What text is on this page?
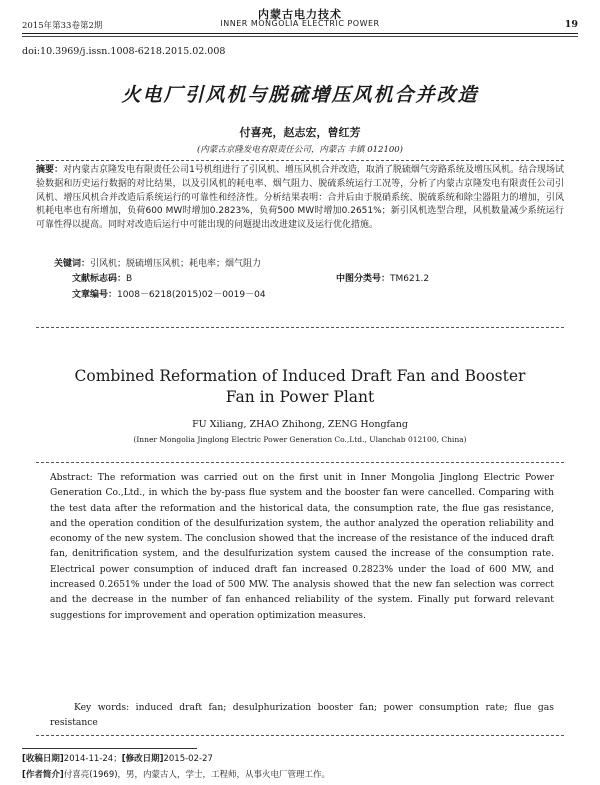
内蒙古电力技术
2015年第33卷第2期	INNER MONGOLIA ELECTRIC POWER	19
doi:10.3969/j.issn.1008-6218.2015.02.008
火电厂引风机与脱硫增压风机合并改造
付喜亮，赵志宏，曾红芳
(内蒙古京隆发电有限责任公司，内蒙古 丰镇 012100)
摘要：对内蒙古京隆发电有限责任公司1号机组进行了引风机、增压风机合并改造，取消了脱硫烟气旁路系统及增压风机。结合现场试验数据和历史运行数据的对比结果，以及引风机的耗电率、烟气阻力、脱硫系统运行工况等，分析了内蒙古京隆发电有限责任公司引风机、增压风机合并改造后系统运行的可靠性和经济性。分析结果表明：合并后由于脱硝系统、脱硫系统和除尘器阻力的增加，引风机耗电率也有所增加，负荷600 MW时增加0.2823%，负荷500 MW时增加0.2651%；新引风机选型合理，风机数量减少系统运行可靠性得以提高。同时对改造后运行中可能出现的问题提出改进建议及运行优化措施。
关键词：引风机；脱硫增压风机；耗电率；烟气阻力
文献标志码：B	中图分类号：TM621.2
文章编号：1008－6218(2015)02－0019－04
Combined Reformation of Induced Draft Fan and Booster
Fan in Power Plant
FU Xiliang, ZHAO Zhihong, ZENG Hongfang
(Inner Mongolia Jinglong Electric Power Generation Co.,Ltd., Ulanchab 012100, China)
Abstract: The reformation was carried out on the first unit in Inner Mongolia Jinglong Electric Power Generation Co.,Ltd., in which the by-pass flue system and the booster fan were cancelled. Comparing with the test data after the reformation and the historical data, the consumption rate, the flue gas resistance, and the operation condition of the desulfurization system, the author analyzed the operation reliability and economy of the new system. The conclusion showed that the increase of the resistance of the induced draft fan, denitrification system, and the desulfurization system caused the increase of the consumption rate. Electrical power consumption of induced draft fan increased 0.2823% under the load of 600 MW, and increased 0.2651% under the load of 500 MW. The analysis showed that the new fan selection was correct and the decrease in the number of fan enhanced reliability of the system. Finally put forward relevant suggestions for improvement and operation optimization measures.
Key words: induced draft fan; desulphurization booster fan; power consumption rate; flue gas resistance
[收稿日期]2014-11-24；[修改日期]2015-02-27
[作者简介]付喜亮(1969)，男，内蒙古人，学士，工程师，从事火电厂管理工作。
